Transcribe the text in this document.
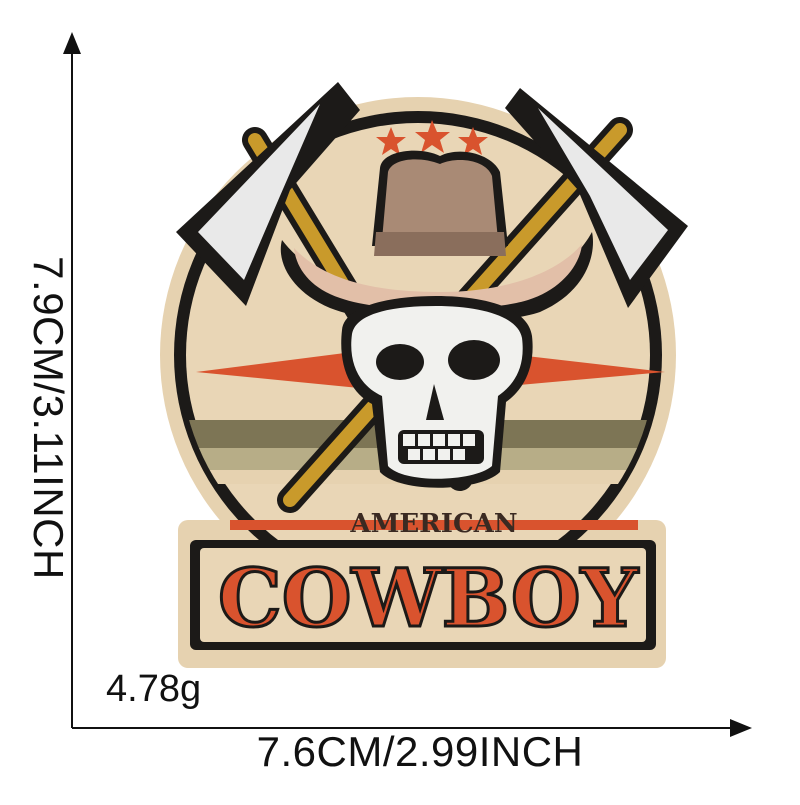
AMERICAN
COWBOY
7.9CM/3.11INCH
7.6CM/2.99INCH
4.78g
